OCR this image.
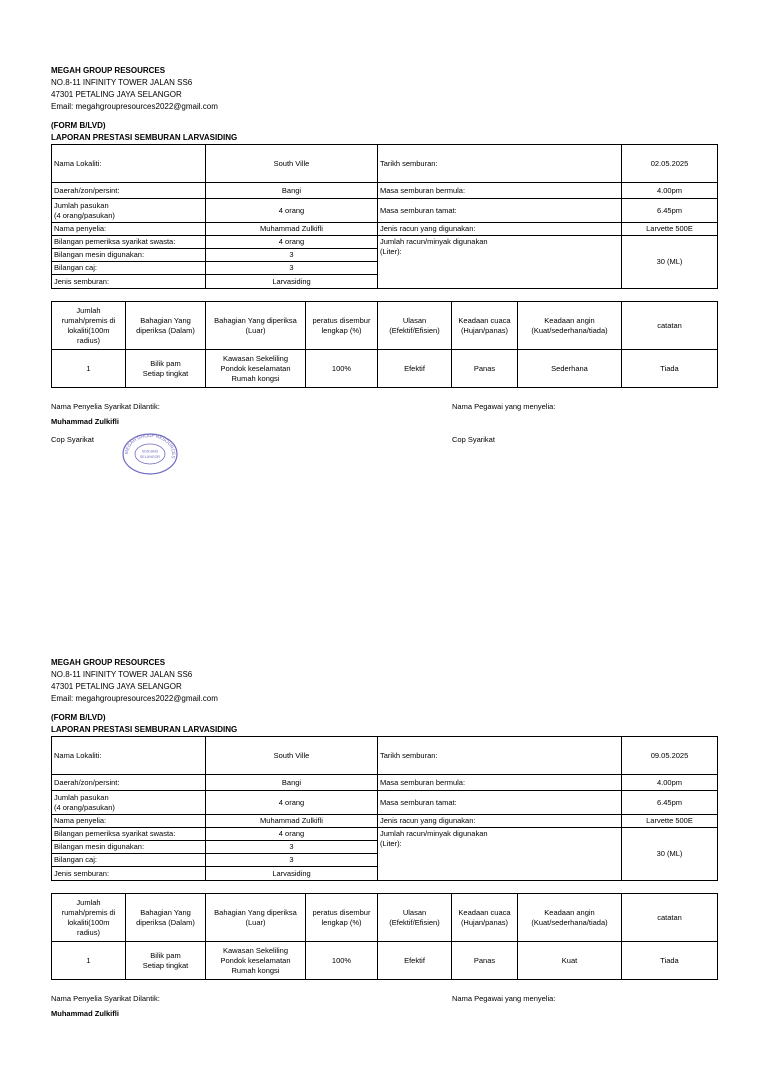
MEGAH GROUP RESOURCES
NO.8-11 INFINITY TOWER JALAN SS6
47301 PETALING JAYA SELANGOR
Email: megahgroupresources2022@gmail.com
(FORM B/LVD)
LAPORAN PRESTASI SEMBURAN LARVASIDING
Nama Lokaliti:	South Ville	Tarikh semburan:	02.05.2025
Daerah/zon/persint:	Bangi	Masa semburan bermula:	4.00pm
Jumlah pasukan
(4 orang/pasukan)	4 orang	Masa semburan tamat:	6.45pm
Nama penyelia:	Muhammad Zulkifli	Jenis racun yang digunakan:	Larvette 500E
Bilangan pemeriksa syarikat swasta:	4 orang	Jumlah racun/minyak digunakan
(Liter):	30 (ML)
Bilangan mesin digunakan:	3		
Bilangan caj:	3		
Jenis semburan:	Larvasiding		
Jumlah
rumah/premis di
lokaliti(100m
radius)	Bahagian Yang
diperiksa (Dalam)	Bahagian Yang diperiksa
(Luar)	peratus disembur
lengkap (%)	Ulasan
(Efektif/Efisien)	Keadaan cuaca
(Hujan/panas)	Keadaan angin
(Kuat/sederhana/tiada)	catatan
1	Bilik pam
Setiap tingkat	Kawasan Sekeliling
Pondok keselamatan
Rumah kongsi	100%	Efektif	Panas	Sederhana	Tiada
Nama Penyelia Syarikat Dilantik:
Muhammad Zulkifli
Cop Syarikat
Nama Pegawai yang menyelia:
Cop Syarikat
MEGAH GROUP RESOURCES
SDN BHD
SELANGOR
MEGAH GROUP RESOURCES
NO.8-11 INFINITY TOWER JALAN SS6
47301 PETALING JAYA SELANGOR
Email: megahgroupresources2022@gmail.com
(FORM B/LVD)
LAPORAN PRESTASI SEMBURAN LARVASIDING
Nama Lokaliti:	South Ville	Tarikh semburan:	09.05.2025
Daerah/zon/persint:	Bangi	Masa semburan bermula:	4.00pm
Jumlah pasukan
(4 orang/pasukan)	4 orang	Masa semburan tamat:	6.45pm
Nama penyelia:	Muhammad Zulkifli	Jenis racun yang digunakan:	Larvette 500E
Bilangan pemeriksa syarikat swasta:	4 orang	Jumlah racun/minyak digunakan
(Liter):	30 (ML)
Bilangan mesin digunakan:	3		
Bilangan caj:	3		
Jenis semburan:	Larvasiding		
Jumlah
rumah/premis di
lokaliti(100m
radius)	Bahagian Yang
diperiksa (Dalam)	Bahagian Yang diperiksa
(Luar)	peratus disembur
lengkap (%)	Ulasan
(Efektif/Efisien)	Keadaan cuaca
(Hujan/panas)	Keadaan angin
(Kuat/sederhana/tiada)	catatan
1	Bilik pam
Setiap tingkat	Kawasan Sekeliling
Pondok keselamatan
Rumah kongsi	100%	Efektif	Panas	Kuat	Tiada
Nama Penyelia Syarikat Dilantik:
Muhammad Zulkifli
Nama Pegawai yang menyelia:
